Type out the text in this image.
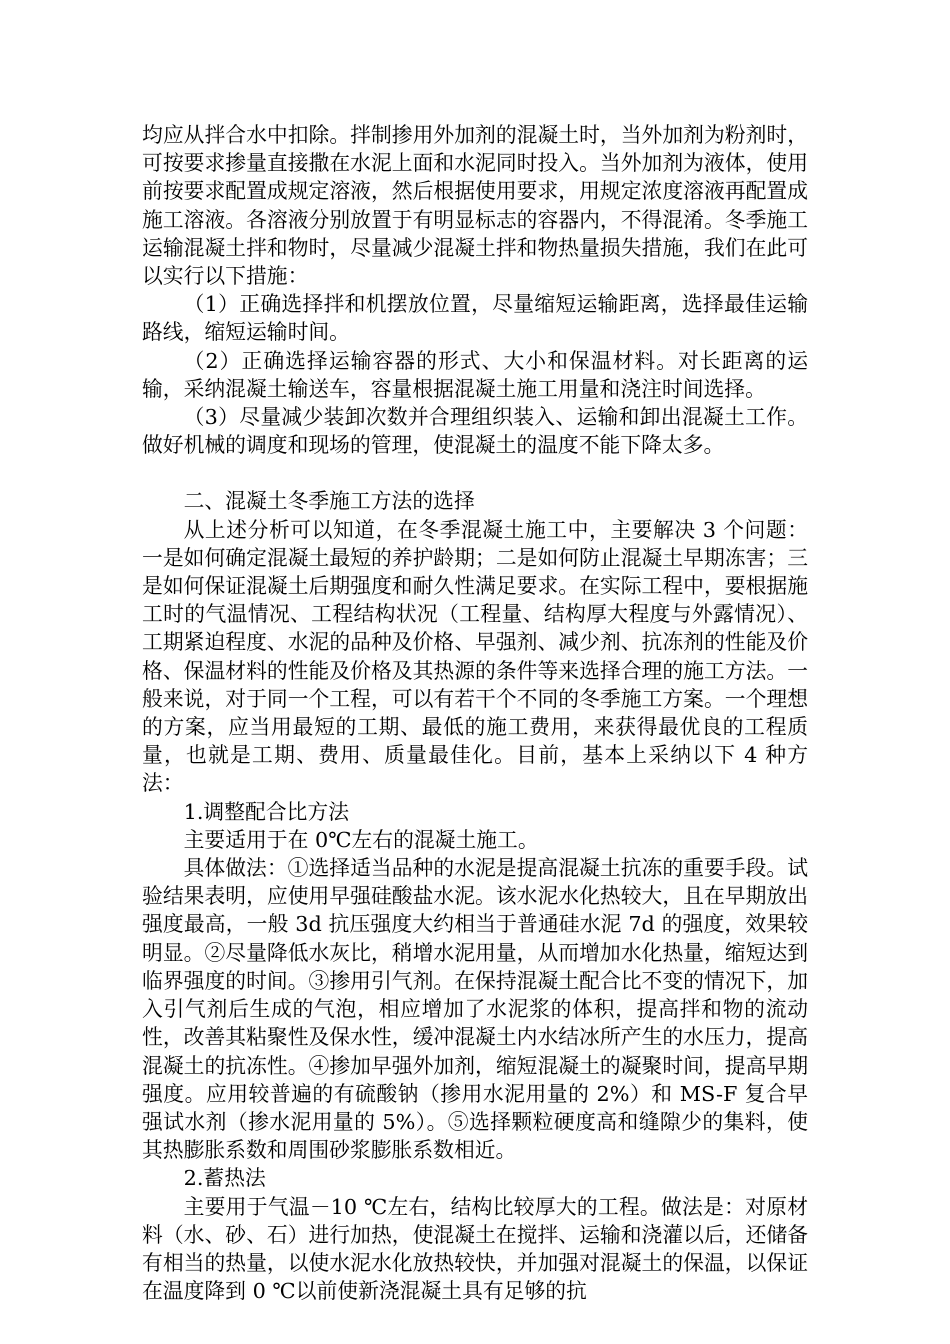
均应从拌合水中扣除。拌制掺用外加剂的混凝土时，当外加剂为粉剂时，可按要求掺量直接撒在水泥上面和水泥同时投入。当外加剂为液体，使用前按要求配置成规定溶液，然后根据使用要求，用规定浓度溶液再配置成施工溶液。各溶液分别放置于有明显标志的容器内，不得混淆。冬季施工运输混凝土拌和物时，尽量减少混凝土拌和物热量损失措施，我们在此可以实行以下措施：

（1）正确选择拌和机摆放位置，尽量缩短运输距离，选择最佳运输路线，缩短运输时间。

（2）正确选择运输容器的形式、大小和保温材料。对长距离的运输，采纳混凝土输送车，容量根据混凝土施工用量和浇注时间选择。

（3）尽量减少装卸次数并合理组织装入、运输和卸出混凝土工作。做好机械的调度和现场的管理，使混凝土的温度不能下降太多。

二、混凝土冬季施工方法的选择

从上述分析可以知道，在冬季混凝土施工中，主要解决 3 个问题：一是如何确定混凝土最短的养护龄期；二是如何防止混凝土早期冻害；三是如何保证混凝土后期强度和耐久性满足要求。在实际工程中，要根据施工时的气温情况、工程结构状况（工程量、结构厚大程度与外露情况）、工期紧迫程度、水泥的品种及价格、早强剂、减少剂、抗冻剂的性能及价格、保温材料的性能及价格及其热源的条件等来选择合理的施工方法。一般来说，对于同一个工程，可以有若干个不同的冬季施工方案。一个理想的方案，应当用最短的工期、最低的施工费用，来获得最优良的工程质量，也就是工期、费用、质量最佳化。目前，基本上采纳以下 4 种方法：

1.调整配合比方法

主要适用于在 0℃左右的混凝土施工。

具体做法：①选择适当品种的水泥是提高混凝土抗冻的重要手段。试验结果表明，应使用早强硅酸盐水泥。该水泥水化热较大，且在早期放出强度最高，一般 3d 抗压强度大约相当于普通硅水泥 7d 的强度，效果较明显。②尽量降低水灰比，稍增水泥用量，从而增加水化热量，缩短达到临界强度的时间。③掺用引气剂。在保持混凝土配合比不变的情况下，加入引气剂后生成的气泡，相应增加了水泥浆的体积，提高拌和物的流动性，改善其粘聚性及保水性，缓冲混凝土内水结冰所产生的水压力，提高混凝土的抗冻性。④掺加早强外加剂，缩短混凝土的凝聚时间，提高早期强度。应用较普遍的有硫酸钠（掺用水泥用量的 2%）和 MS-F 复合早强试水剂（掺水泥用量的 5%）。⑤选择颗粒硬度高和缝隙少的集料，使其热膨胀系数和周围砂浆膨胀系数相近。

2.蓄热法

主要用于气温－10 ℃左右，结构比较厚大的工程。做法是：对原材料（水、砂、石）进行加热，使混凝土在搅拌、运输和浇灌以后，还储备有相当的热量，以使水泥水化放热较快，并加强对混凝土的保温，以保证在温度降到 0 ℃以前使新浇混凝土具有足够的抗
